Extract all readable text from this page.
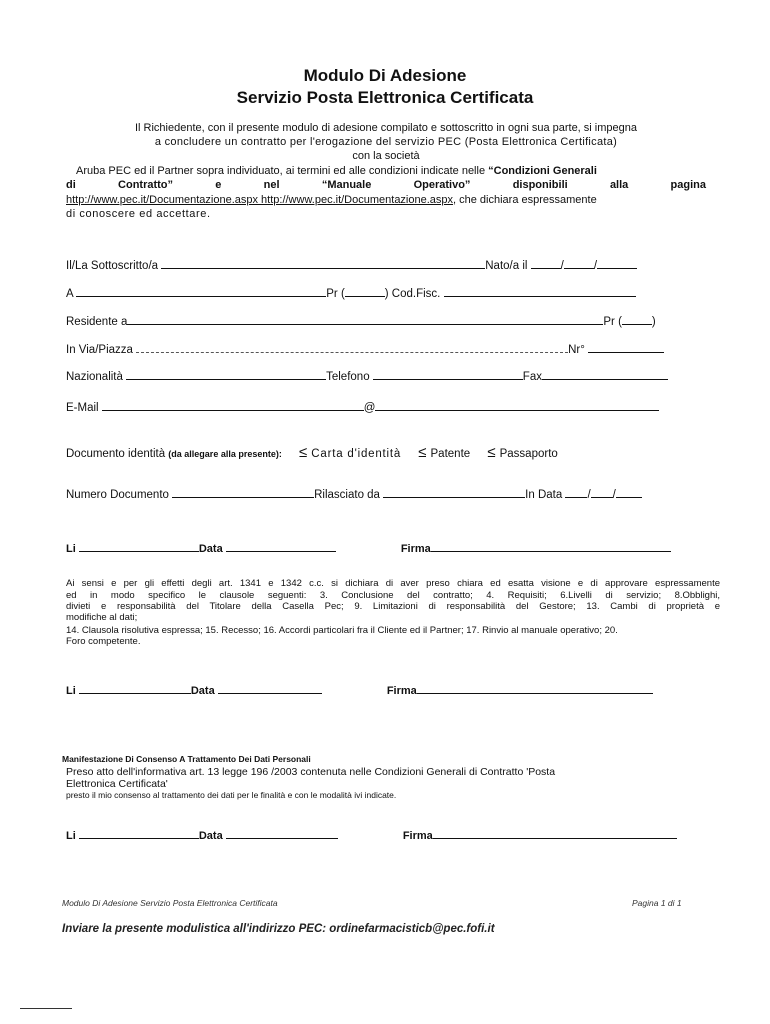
Modulo Di Adesione
Servizio Posta Elettronica Certificata
Il Richiedente, con il presente modulo di adesione compilato e sottoscritto in ogni sua parte, si impegna
a concludere un contratto per l'erogazione del servizio PEC (Posta Elettronica Certificata)
con la società
Aruba PEC ed il Partner sopra individuato, ai termini ed alle condizioni indicate nelle “Condizioni Generali
di Contratto” e nel “Manuale Operativo” disponibili alla pagina
http://www.pec.it/Documentazione.aspx http://www.pec.it/Documentazione.aspx, che dichiara espressamente
di conoscere ed accettare.
Il/La Sottoscritto/a	Nato/a il	/	/
A	Pr (	) Cod.Fisc.
Residente a	Pr (	)
In Via/Piazza	Nr°
Nazionalità	Telefono	Fax
E-Mail	@
Documento identità (da allegare alla presente): ≤ Carta d'identità ≤ Patente ≤ Passaporto
Numero Documento	Rilasciato da	In Data / /
Li	Data	Firma
Ai sensi e per gli effetti degli art. 1341 e 1342 c.c. si dichiara di aver preso chiara ed esatta visione e di approvare espressamente
ed in modo specifico le clausole seguenti: 3. Conclusione del contratto; 4. Requisiti; 6.Livelli di servizio; 8.Obblighi,
divieti e responsabilità del Titolare della Casella Pec; 9. Limitazioni di responsabilità del Gestore; 13. Cambi di proprietà e
modifiche al dati;
14. Clausola risolutiva espressa; 15. Recesso; 16. Accordi particolari fra il Cliente ed il Partner; 17. Rinvio al manuale operativo; 20.
Foro competente.
Li	Data	Firma
Manifestazione Di Consenso A Trattamento Dei Dati Personali
Preso atto dell'informativa art. 13 legge 196 /2003 contenuta nelle Condizioni Generali di Contratto 'Posta
Elettronica Certificata'
presto il mio consenso al trattamento dei dati per le finalità e con le modalità ivi indicate.
Li	Data	Firma
Modulo Di Adesione Servizio Posta Elettronica Certificata	Pagina 1 di 1
Inviare la presente modulistica all'indirizzo PEC: ordinefarmacisticb@pec.fofi.it
